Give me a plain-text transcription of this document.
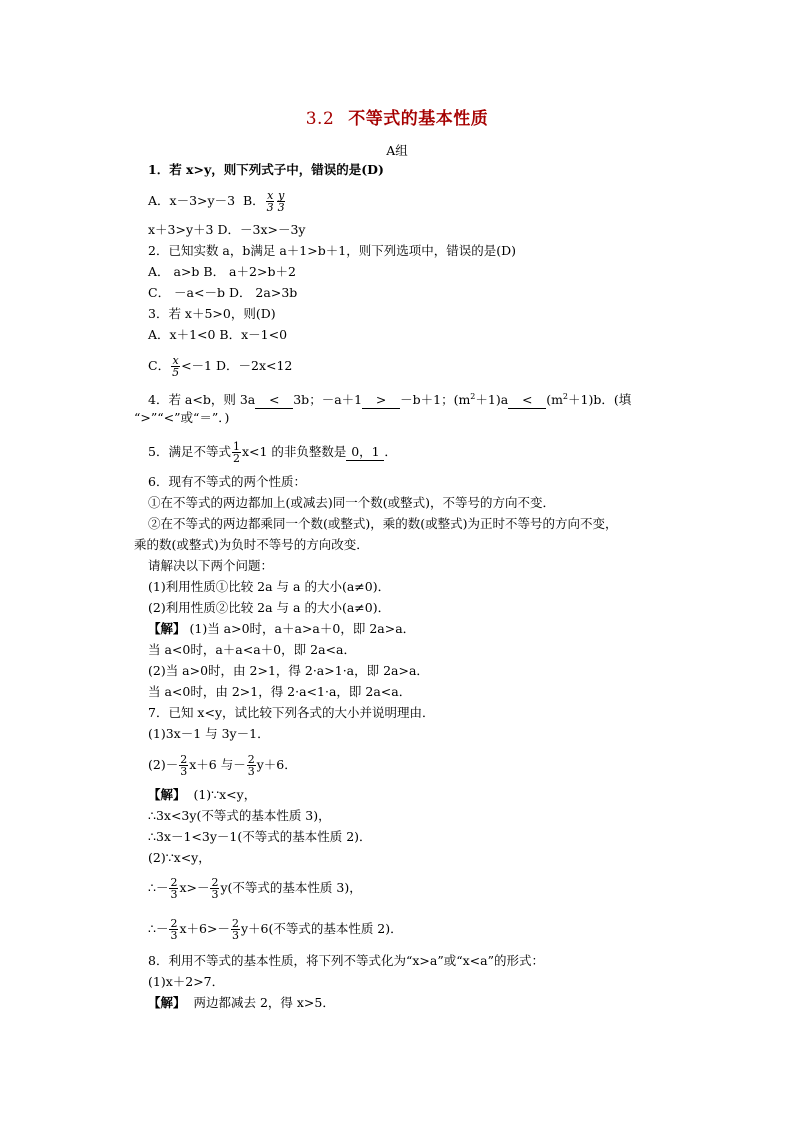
3.2 不等式的基本性质
A组
1．若 x>y，则下列式子中，错误的是(D)
A．x－3>y－3 B． $\frac{x}{3} \frac{y}{3}$
x＋3>y＋3 D．－3x>－3y
2．已知实数 a，b满足 a＋1>b＋1，则下列选项中，错误的是(D)
A． a>b B． a＋2>b＋2
C． －a<－b D． 2a>3b
3．若 x＋5>0，则(D)
A．x＋1<0 B．x－1<0
C． $\frac{x}{5} <-1$ D．－2x<12
4．若 a<b，则 3a < 3b；－a＋1 > －b＋1；$(m^2+1)a < (m^2+1)b$．(填
“>”“<”或“＝”．)
5．满足不等式 $\frac{1}{2} x<1$ 的非负整数是 0，1 ．
6．现有不等式的两个性质：
①在不等式的两边都加上(或减去)同一个数(或整式)，不等号的方向不变．
②在不等式的两边都乘同一个数(或整式)，乘的数(或整式)为正时不等号的方向不变，
乘的数(或整式)为负时不等号的方向改变．
请解决以下两个问题：
(1)利用性质①比较 2a 与 a 的大小(a≠0)．
(2)利用性质②比较 2a 与 a 的大小(a≠0)．
【解】 (1)当 a>0时，a＋a>a＋0，即 2a>a．
当 a<0时，a＋a<a＋0，即 2a<a．
(2)当 a>0时，由 2>1，得 2·a>1·a，即 2a>a．
当 a<0时，由 2>1，得 2·a<1·a，即 2a<a．
7．已知 x<y，试比较下列各式的大小并说明理由．
(1)3x－1 与 3y－1．
$(2)- \frac{2}{3} x+6$ 与－ $\frac{2}{3} y+6$．
【解】 (1)∵x<y，
∴3x<3y(不等式的基本性质 3)，
∴3x－1<3y－1(不等式的基本性质 2)．
(2)∵x<y，
∴－ $\frac{2}{3} x>- \frac{2}{3} y$(不等式的基本性质 3)，
∴－ $\frac{2}{3} x+6>- \frac{2}{3} y+6$(不等式的基本性质 2)．
8．利用不等式的基本性质，将下列不等式化为“x>a”或“x<a”的形式：
(1)x＋2>7．
【解】 两边都减去 2，得 x>5．
